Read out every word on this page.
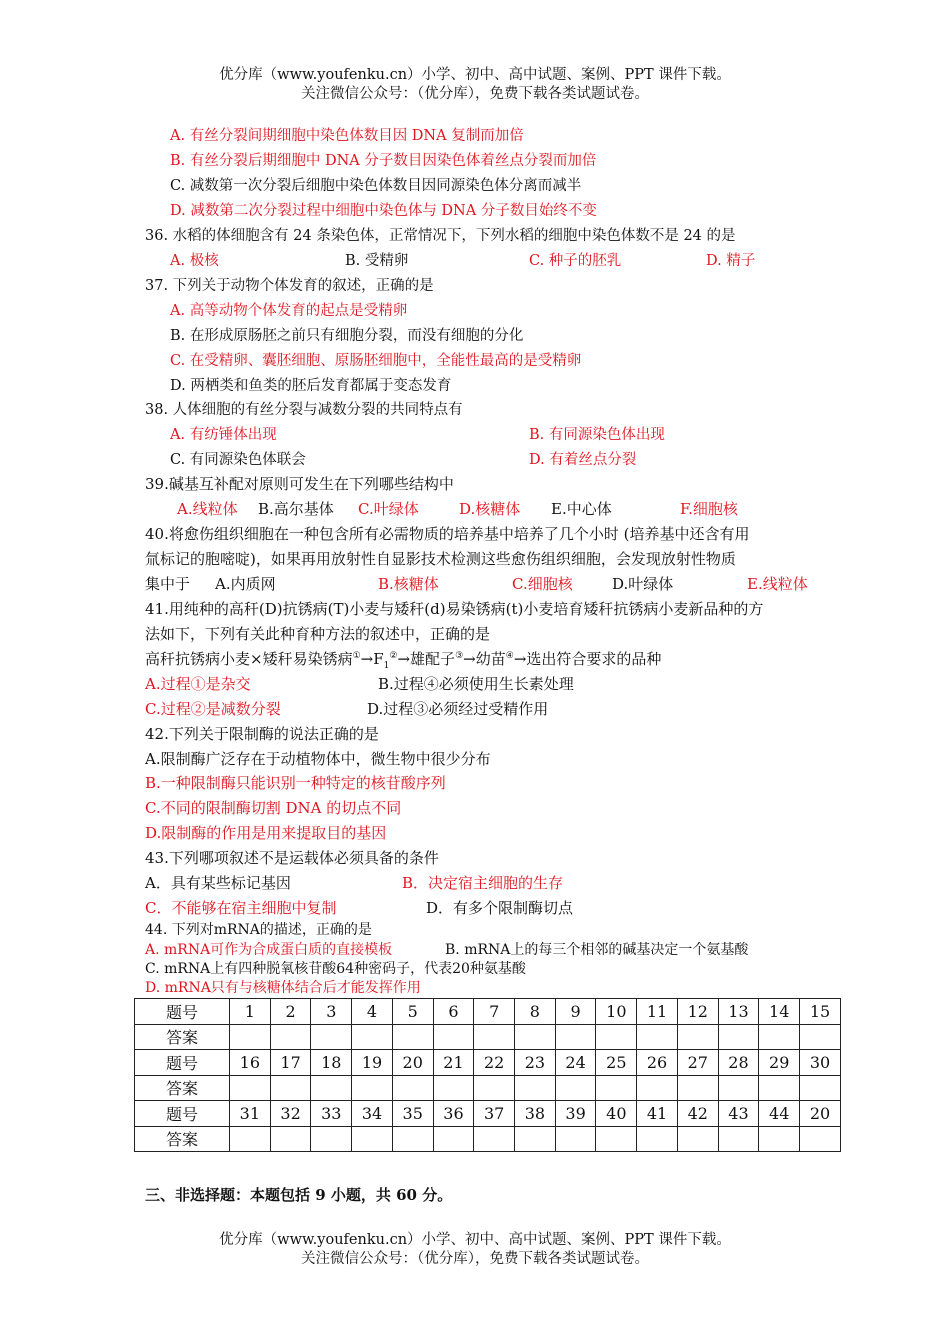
优分库（www.youfenku.cn）小学、初中、高中试题、案例、PPT 课件下载。
关注微信公众号：（优分库），免费下载各类试题试卷。
A. 有丝分裂间期细胞中染色体数目因 DNA 复制而加倍
B. 有丝分裂后期细胞中 DNA 分子数目因染色体着丝点分裂而加倍
C. 减数第一次分裂后细胞中染色体数目因同源染色体分离而减半
D. 减数第二次分裂过程中细胞中染色体与 DNA 分子数目始终不变
36. 水稻的体细胞含有 24 条染色体，正常情况下，下列水稻的细胞中染色体数不是 24 的是
A. 极核	B. 受精卵	C. 种子的胚乳	D. 精子
37. 下列关于动物个体发育的叙述，正确的是
A. 高等动物个体发育的起点是受精卵
B. 在形成原肠胚之前只有细胞分裂，而没有细胞的分化
C. 在受精卵、囊胚细胞、原肠胚细胞中，全能性最高的是受精卵
D. 两栖类和鱼类的胚后发育都属于变态发育
38. 人体细胞的有丝分裂与减数分裂的共同特点有
A. 有纺锤体出现	B. 有同源染色体出现
C. 有同源染色体联会	D. 有着丝点分裂
39.碱基互补配对原则可发生在下列哪些结构中
A.线粒体 B.高尔基体 C.叶绿体	D.核糖体 E.中心体	F.细胞核
40.将愈伤组织细胞在一种包含所有必需物质的培养基中培养了几个小时 (培养基中还含有用
氚标记的胞嘧啶)，如果再用放射性自显影技术检测这些愈伤组织细胞，会发现放射性物质
集中于 A.内质网	B.核糖体	C.细胞核	D.叶绿体	E.线粒体
41.用纯种的高秆(D)抗锈病(T)小麦与矮秆(d)易染锈病(t)小麦培育矮秆抗锈病小麦新品种的方
法如下，下列有关此种育种方法的叙述中，正确的是
高秆抗锈病小麦×矮秆易染锈病$^①\to F_1^②\to$雄配子③→幼苗④→选出符合要求的品种
A.过程①是杂交	B.过程④必须使用生长素处理
C.过程②是减数分裂	D.过程③必须经过受精作用
42.下列关于限制酶的说法正确的是
A.限制酶广泛存在于动植物体中，微生物中很少分布
B.一种限制酶只能识别一种特定的核苷酸序列
C.不同的限制酶切割 DNA 的切点不同
D.限制酶的作用是用来提取目的基因
43.下列哪项叙述不是运载体必须具备的条件
A．具有某些标记基因	B．决定宿主细胞的生存
C．不能够在宿主细胞中复制	D．有多个限制酶切点
44. 下列对mRNA的描述，正确的是
A. mRNA可作为合成蛋白质的直接模板	B. mRNA上的每三个相邻的碱基决定一个氨基酸
C. mRNA上有四种脱氧核苷酸64种密码子，代表20种氨基酸
D. mRNA只有与核糖体结合后才能发挥作用
题号	1	2	3	4	5	6	7	8	9	10	11	12	13	14	15
答案															
题号	16	17	18	19	20	21	22	23	24	25	26	27	28	29	30
答案															
题号	31	32	33	34	35	36	37	38	39	40	41	42	43	44	20
答案															
三、非选择题：本题包括 9 小题，共 60 分。
优分库（www.youfenku.cn）小学、初中、高中试题、案例、PPT 课件下载。
关注微信公众号：（优分库），免费下载各类试题试卷。
